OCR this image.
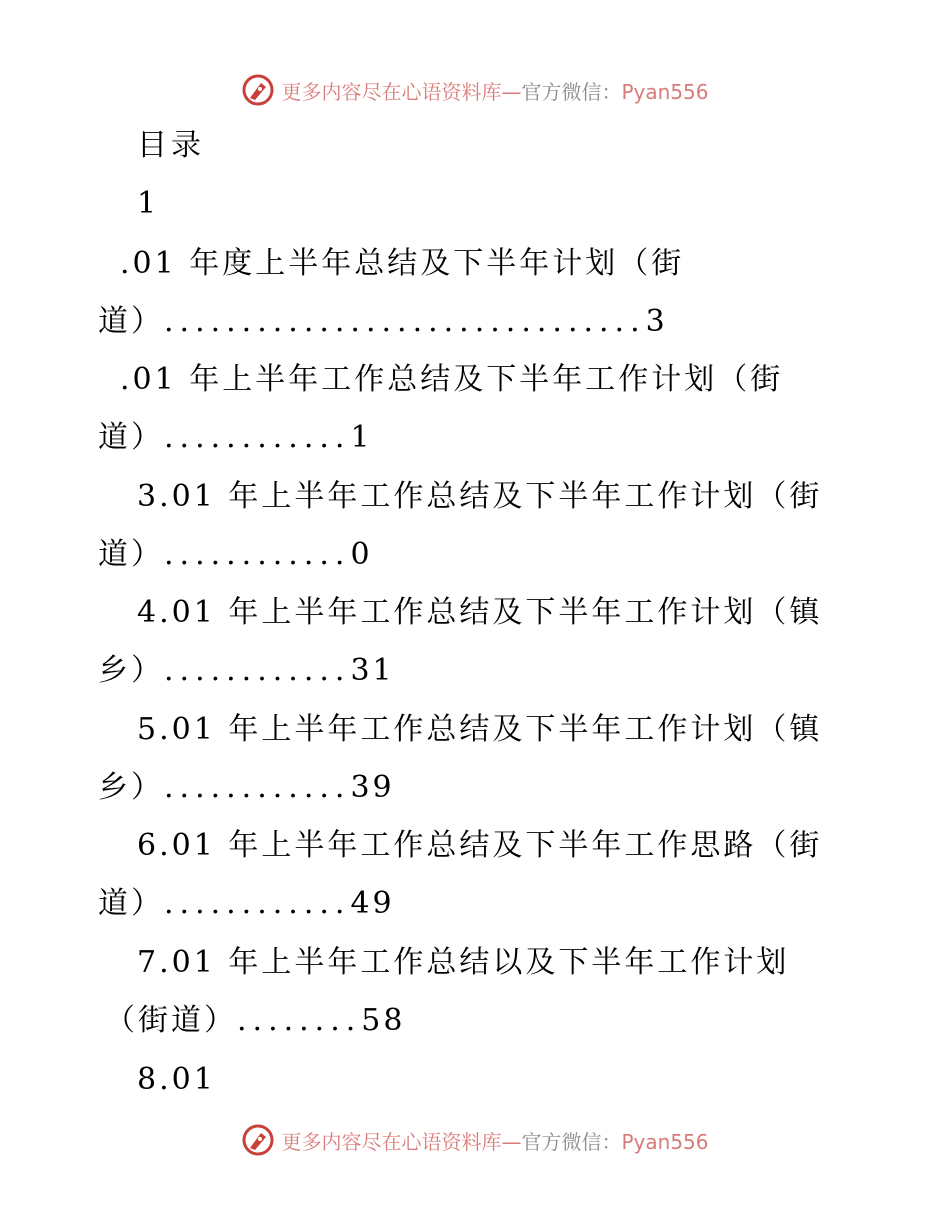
更多内容尽在心语资料库—官方微信：Pyan556
目录
1
.01 年度上半年总结及下半年计划（街
道）...............................3
.01 年上半年工作总结及下半年工作计划（街
道）............1
3.01 年上半年工作总结及下半年工作计划（街
道）............0
4.01 年上半年工作总结及下半年工作计划（镇
乡）............31
5.01 年上半年工作总结及下半年工作计划（镇
乡）............39
6.01 年上半年工作总结及下半年工作思路（街
道）............49
7.01 年上半年工作总结以及下半年工作计划
（街道）........58
8.01
更多内容尽在心语资料库—官方微信：Pyan556
